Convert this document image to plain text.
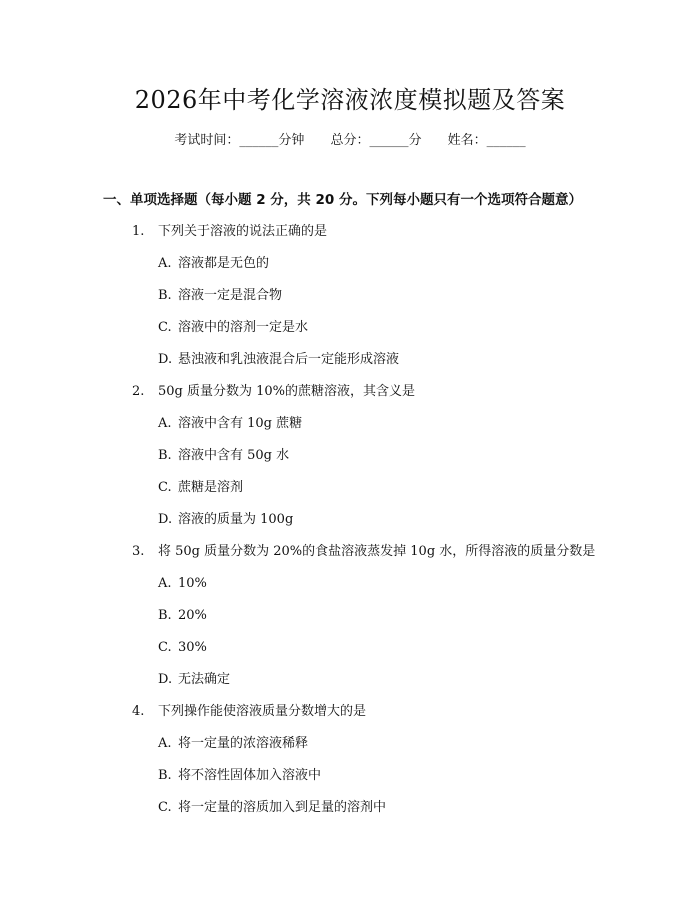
2026年中考化学溶液浓度模拟题及答案
考试时间：______分钟 总分：______分 姓名：______
一、单项选择题（每小题 2 分，共 20 分。下列每小题只有一个选项符合题意）
1. 下列关于溶液的说法正确的是
A. 溶液都是无色的
B. 溶液一定是混合物
C. 溶液中的溶剂一定是水
D. 悬浊液和乳浊液混合后一定能形成溶液
2. 50g 质量分数为 10%的蔗糖溶液，其含义是
A. 溶液中含有 10g 蔗糖
B. 溶液中含有 50g 水
C. 蔗糖是溶剂
D. 溶液的质量为 100g
3. 将 50g 质量分数为 20%的食盐溶液蒸发掉 10g 水，所得溶液的质量分数是
A. 10%
B. 20%
C. 30%
D. 无法确定
4. 下列操作能使溶液质量分数增大的是
A. 将一定量的浓溶液稀释
B. 将不溶性固体加入溶液中
C. 将一定量的溶质加入到足量的溶剂中
